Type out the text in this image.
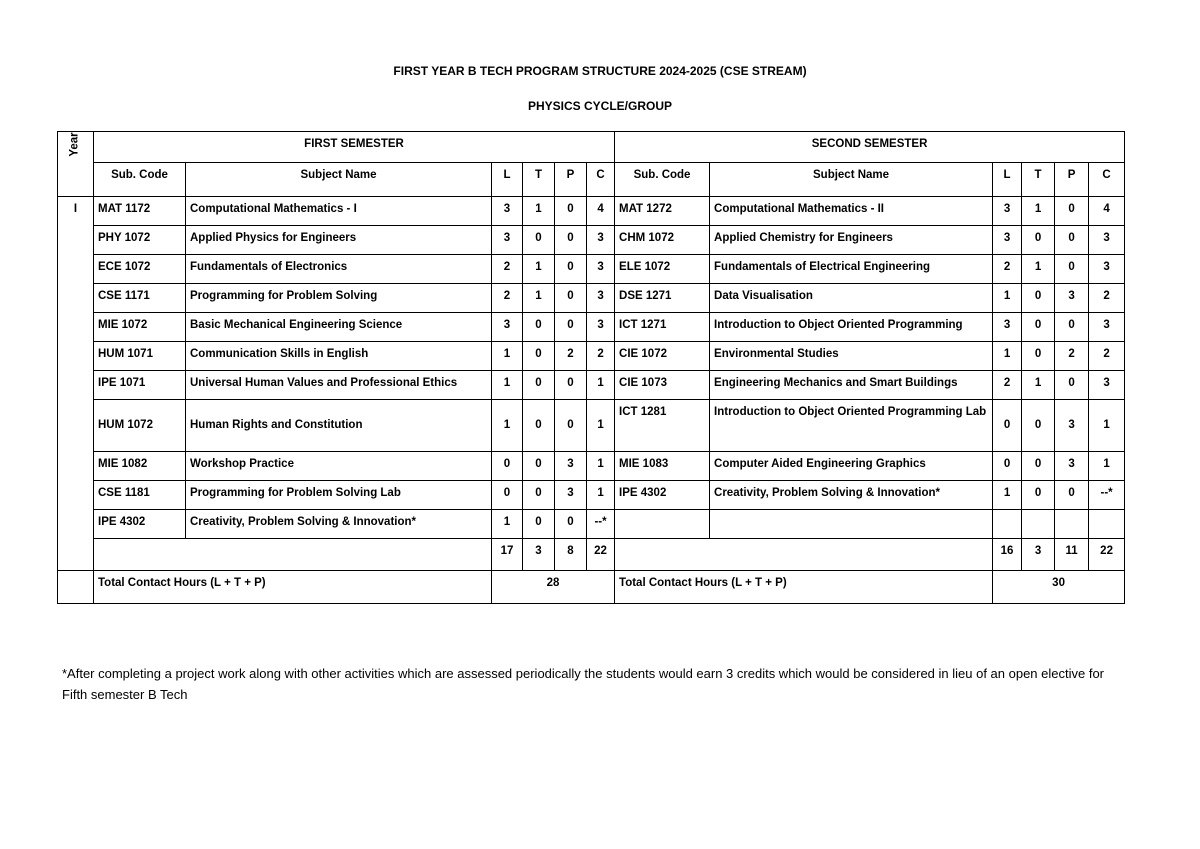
FIRST YEAR B TECH PROGRAM STRUCTURE 2024-2025 (CSE STREAM)
PHYSICS CYCLE/GROUP
Year	FIRST SEMESTER						SECOND SEMESTER					
	Sub. Code	Subject Name	L	T	P	C	Sub. Code	Subject Name	L	T	P	C
I	MAT 1172	Computational Mathematics - I	3	1	0	4	MAT 1272	Computational Mathematics - II	3	1	0	4
	PHY 1072	Applied Physics for Engineers	3	0	0	3	CHM 1072	Applied Chemistry for Engineers	3	0	0	3
	ECE 1072	Fundamentals of Electronics	2	1	0	3	ELE 1072	Fundamentals of Electrical Engineering	2	1	0	3
	CSE 1171	Programming for Problem Solving	2	1	0	3	DSE 1271	Data Visualisation	1	0	3	2
	MIE 1072	Basic Mechanical Engineering Science	3	0	0	3	ICT 1271	Introduction to Object Oriented Programming	3	0	0	3
	HUM 1071	Communication Skills in English	1	0	2	2	CIE 1072	Environmental Studies	1	0	2	2
	IPE 1071	Universal Human Values and Professional Ethics	1	0	0	1	CIE 1073	Engineering Mechanics and Smart Buildings	2	1	0	3
	HUM 1072	Human Rights and Constitution	1	0	0	1	ICT 1281	Introduction to Object Oriented Programming Lab	0	0	3	1
	MIE 1082	Workshop Practice	0	0	3	1	MIE 1083	Computer Aided Engineering Graphics	0	0	3	1
	CSE 1181	Programming for Problem Solving Lab	0	0	3	1	IPE 4302	Creativity, Problem Solving & Innovation*	1	0	0	--*
	IPE 4302	Creativity, Problem Solving & Innovation*	1	0	0	--*						
			17	3	8	22			16	3	11	22
	Total Contact Hours (L + T + P)		28				Total Contact Hours (L + T + P)		30			
*After completing a project work along with other activities which are assessed periodically the students would earn 3 credits which would be considered in lieu of an open elective for Fifth semester B Tech
